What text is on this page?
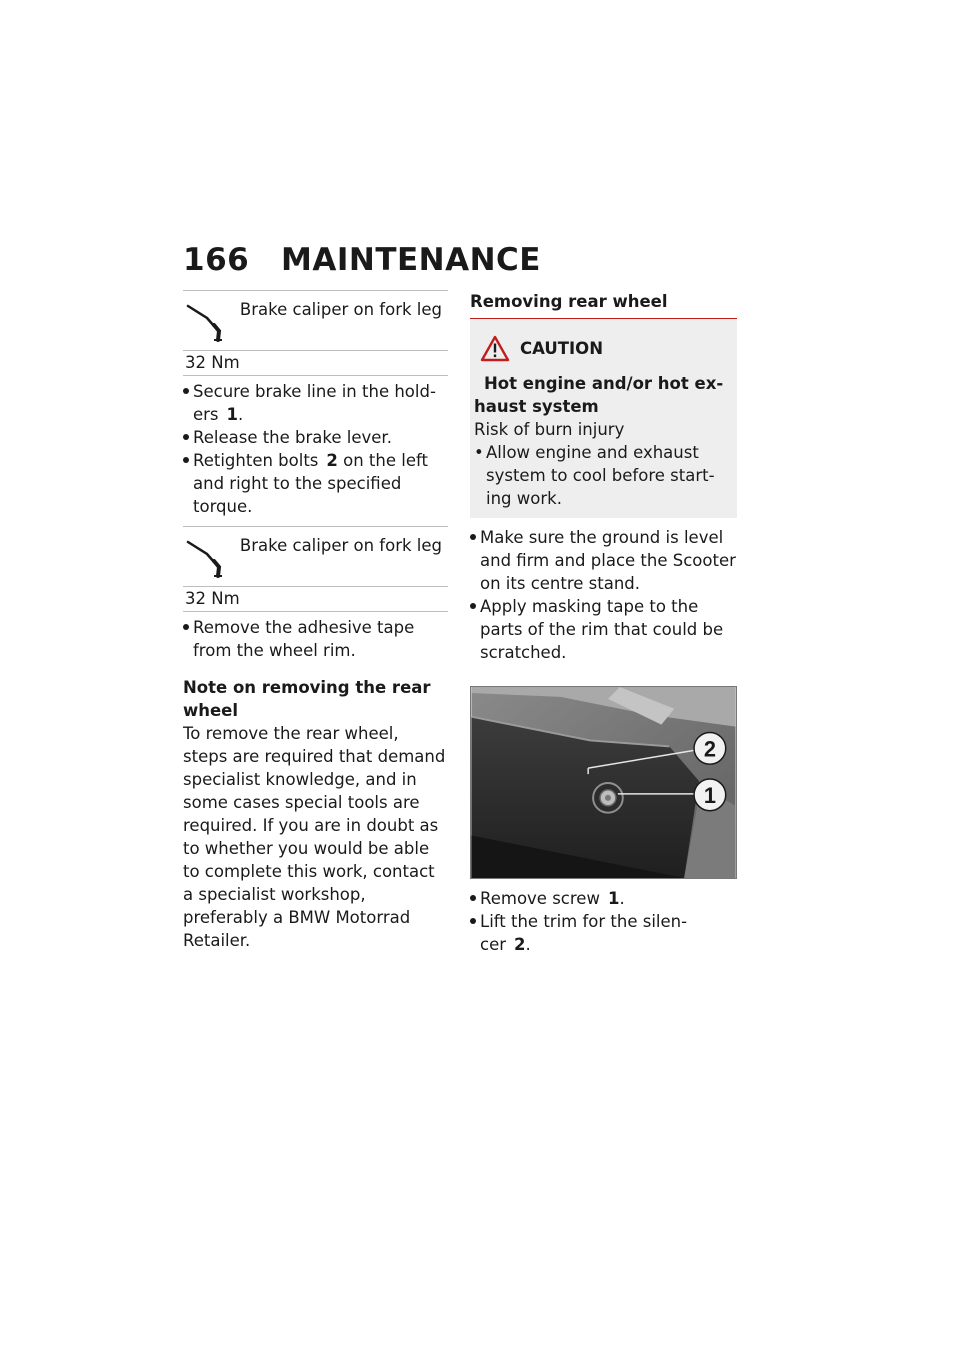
166	MAINTENANCE
Brake caliper on fork leg
32 Nm
Secure brake line in the hold-ers 1.
Release the brake lever.
Retighten bolts 2 on the left and right to the specified torque.
Brake caliper on fork leg
32 Nm
Remove the adhesive tape from the wheel rim.
Note on removing the rear wheel
To remove the rear wheel, steps are required that demand specialist knowledge, and in some cases special tools are required. If you are in doubt as to whether you would be able to complete this work, contact a specialist workshop, preferably a BMW Motorrad Retailer.
Removing rear wheel
CAUTION
Hot engine and/or hot ex-haust system
Risk of burn injury
• Allow engine and exhaust system to cool before start-ing work.
Make sure the ground is level and firm and place the Scooter on its centre stand.
Apply masking tape to the parts of the rim that could be scratched.
2
1
Remove screw 1.
Lift the trim for the silen-cer 2.
